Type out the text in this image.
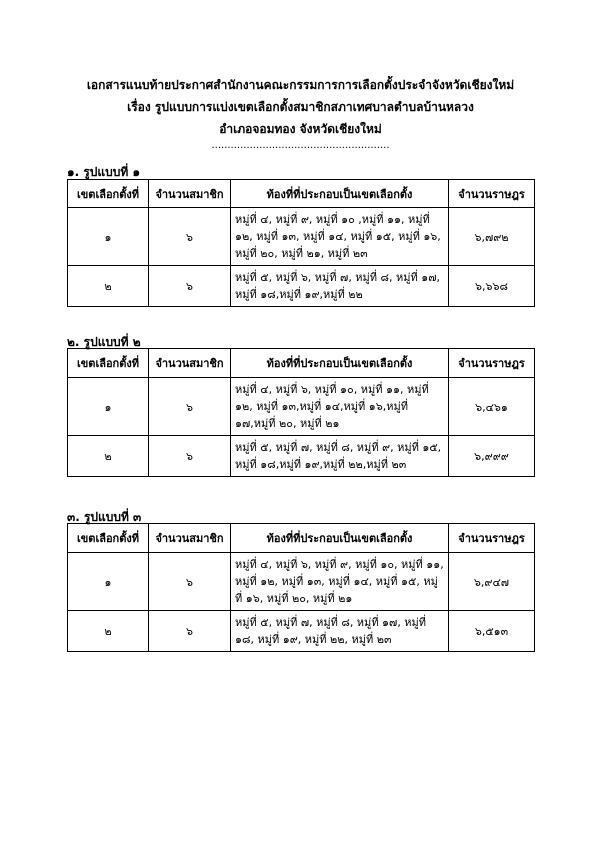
เอกสารแนบท้ายประกาศสำนักงานคณะกรรมการการเลือกตั้งประจำจังหวัดเชียงใหม่
เรื่อง รูปแบบการแบ่งเขตเลือกตั้งสมาชิกสภาเทศบาลตำบลบ้านหลวง
อำเภอจอมทอง จังหวัดเชียงใหม่
........................................................
๑. รูปแบบที่ ๑
เขตเลือกตั้งที่	จำนวนสมาชิก	ท้องที่ที่ประกอบเป็นเขตเลือกตั้ง	จำนวนราษฎร
๑	๖	หมู่ที่ ๔, หมู่ที่ ๙, หมู่ที่ ๑๐ ,หมู่ที่ ๑๑, หมู่ที่ ๑๒, หมู่ที่ ๑๓, หมู่ที่ ๑๔, หมู่ที่ ๑๕, หมู่ที่ ๑๖, หมู่ที่ ๒๐, หมู่ที่ ๒๑, หมู่ที่ ๒๓	๖,๗๙๒
๒	๖	หมู่ที่ ๕, หมู่ที่ ๖, หมู่ที่ ๗, หมู่ที่ ๘, หมู่ที่ ๑๗, หมู่ที่ ๑๘,หมู่ที่ ๑๙,หมู่ที่ ๒๒	๖,๖๖๘
๒. รูปแบบที่ ๒
เขตเลือกตั้งที่	จำนวนสมาชิก	ท้องที่ที่ประกอบเป็นเขตเลือกตั้ง	จำนวนราษฎร
๑	๖	หมู่ที่ ๔, หมู่ที่ ๖, หมู่ที่ ๑๐, หมู่ที่ ๑๑, หมู่ที่ ๑๒, หมู่ที่ ๑๓,หมู่ที่ ๑๔,หมู่ที่ ๑๖,หมู่ที่ ๑๗,หมู่ที่ ๒๐, หมู่ที่ ๒๑	๖,๔๖๑
๒	๖	หมู่ที่ ๕, หมู่ที่ ๗, หมู่ที่ ๘, หมู่ที่ ๙, หมู่ที่ ๑๕, หมู่ที่ ๑๘,หมู่ที่ ๑๙,หมู่ที่ ๒๒,หมู่ที่ ๒๓	๖,๙๙๙
๓. รูปแบบที่ ๓
เขตเลือกตั้งที่	จำนวนสมาชิก	ท้องที่ที่ประกอบเป็นเขตเลือกตั้ง	จำนวนราษฎร
๑	๖	หมู่ที่ ๔, หมู่ที่ ๖, หมู่ที่ ๙, หมู่ที่ ๑๐, หมู่ที่ ๑๑, หมู่ที่ ๑๒, หมู่ที่ ๑๓, หมู่ที่ ๑๔, หมู่ที่ ๑๕, หมู่ที่ ๑๖, หมู่ที่ ๒๐, หมู่ที่ ๒๑	๖,๙๔๗
๒	๖	หมู่ที่ ๕, หมู่ที่ ๗, หมู่ที่ ๘, หมู่ที่ ๑๗, หมู่ที่ ๑๘, หมู่ที่ ๑๙, หมู่ที่ ๒๒, หมู่ที่ ๒๓	๖,๕๑๓
